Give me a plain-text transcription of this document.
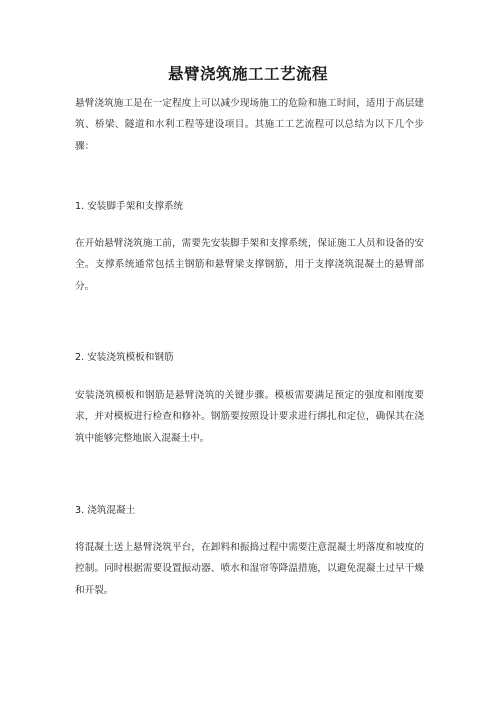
悬臂浇筑施工工艺流程

悬臂浇筑施工是在一定程度上可以减少现场施工的危险和施工时间，适用于高层建筑、桥梁、隧道和水利工程等建设项目。其施工工艺流程可以总结为以下几个步骤：

1. 安装脚手架和支撑系统

在开始悬臂浇筑施工前，需要先安装脚手架和支撑系统，保证施工人员和设备的安全。支撑系统通常包括主钢筋和悬臂梁支撑钢筋，用于支撑浇筑混凝土的悬臂部分。

2. 安装浇筑模板和钢筋

安装浇筑模板和钢筋是悬臂浇筑的关键步骤。模板需要满足预定的强度和刚度要求，并对模板进行检查和修补。钢筋要按照设计要求进行绑扎和定位，确保其在浇筑中能够完整地嵌入混凝土中。

3. 浇筑混凝土

将混凝土送上悬臂浇筑平台，在卸料和振捣过程中需要注意混凝土坍落度和坡度的控制。同时根据需要设置振动器、喷水和湿帘等降温措施，以避免混凝土过早干燥和开裂。
